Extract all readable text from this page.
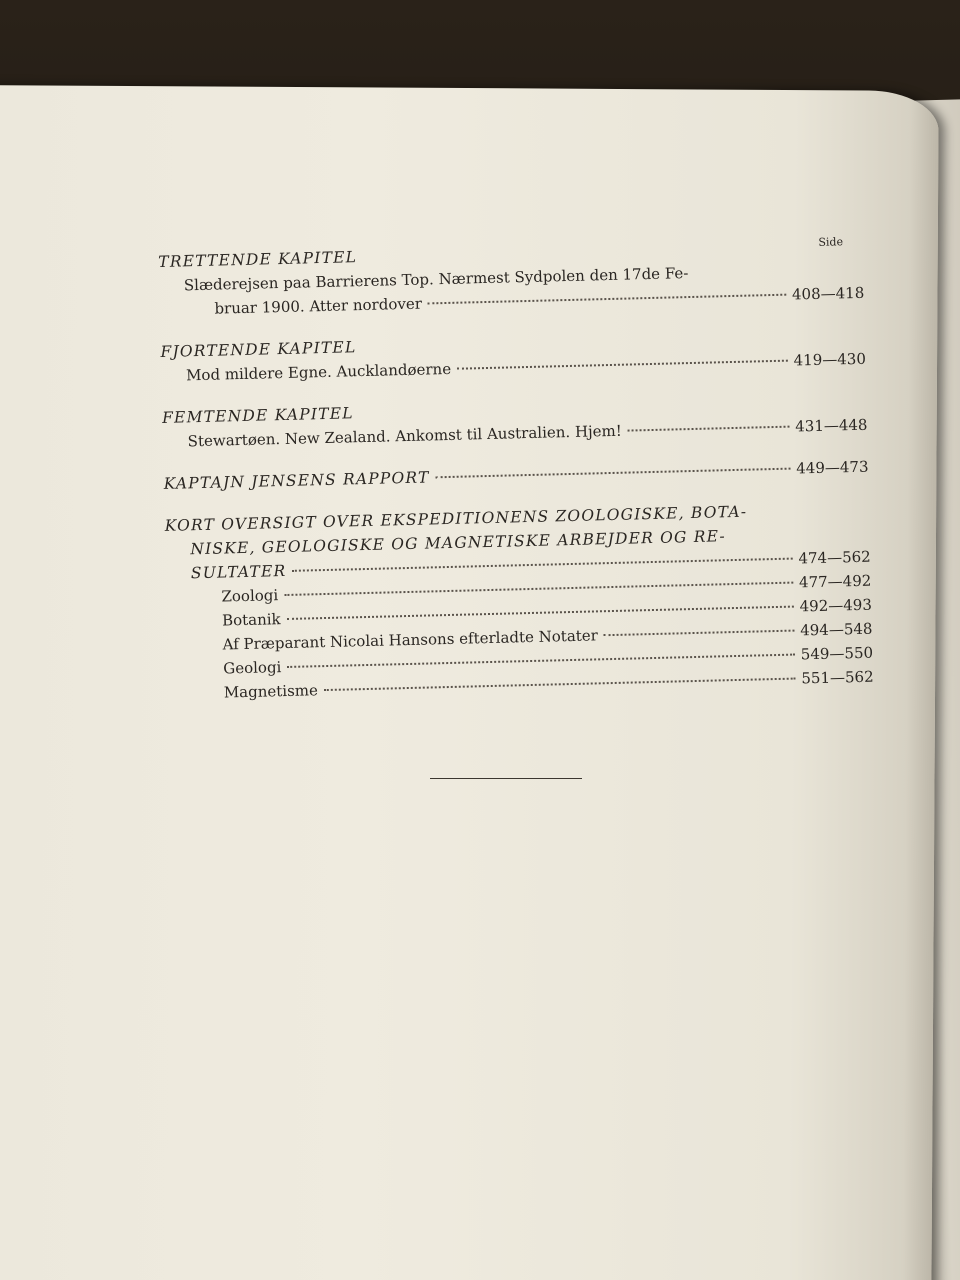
Side
TRETTENDE KAPITEL
Slæderejsen paa Barrierens Top. Nærmest Sydpolen den 17de Fe-
bruar 1900. Atter nordover
408—418
FJORTENDE KAPITEL
Mod mildere Egne. Aucklandøerne
419—430
FEMTENDE KAPITEL
Stewartøen. New Zealand. Ankomst til Australien. Hjem!	431—448
KAPTAJN JENSENS RAPPORT
449—473
KORT OVERSIGT OVER EKSPEDITIONENS ZOOLOGISKE, BOTA-
NISKE, GEOLOGISKE OG MAGNETISKE ARBEJDER OG RE-
SULTATER
474—562
Zoologi
477—492
Botanik
492—493
Af Præparant Nicolai Hansons efterladte Notater	494—548
Geologi
549—550
Magnetisme
551—562
